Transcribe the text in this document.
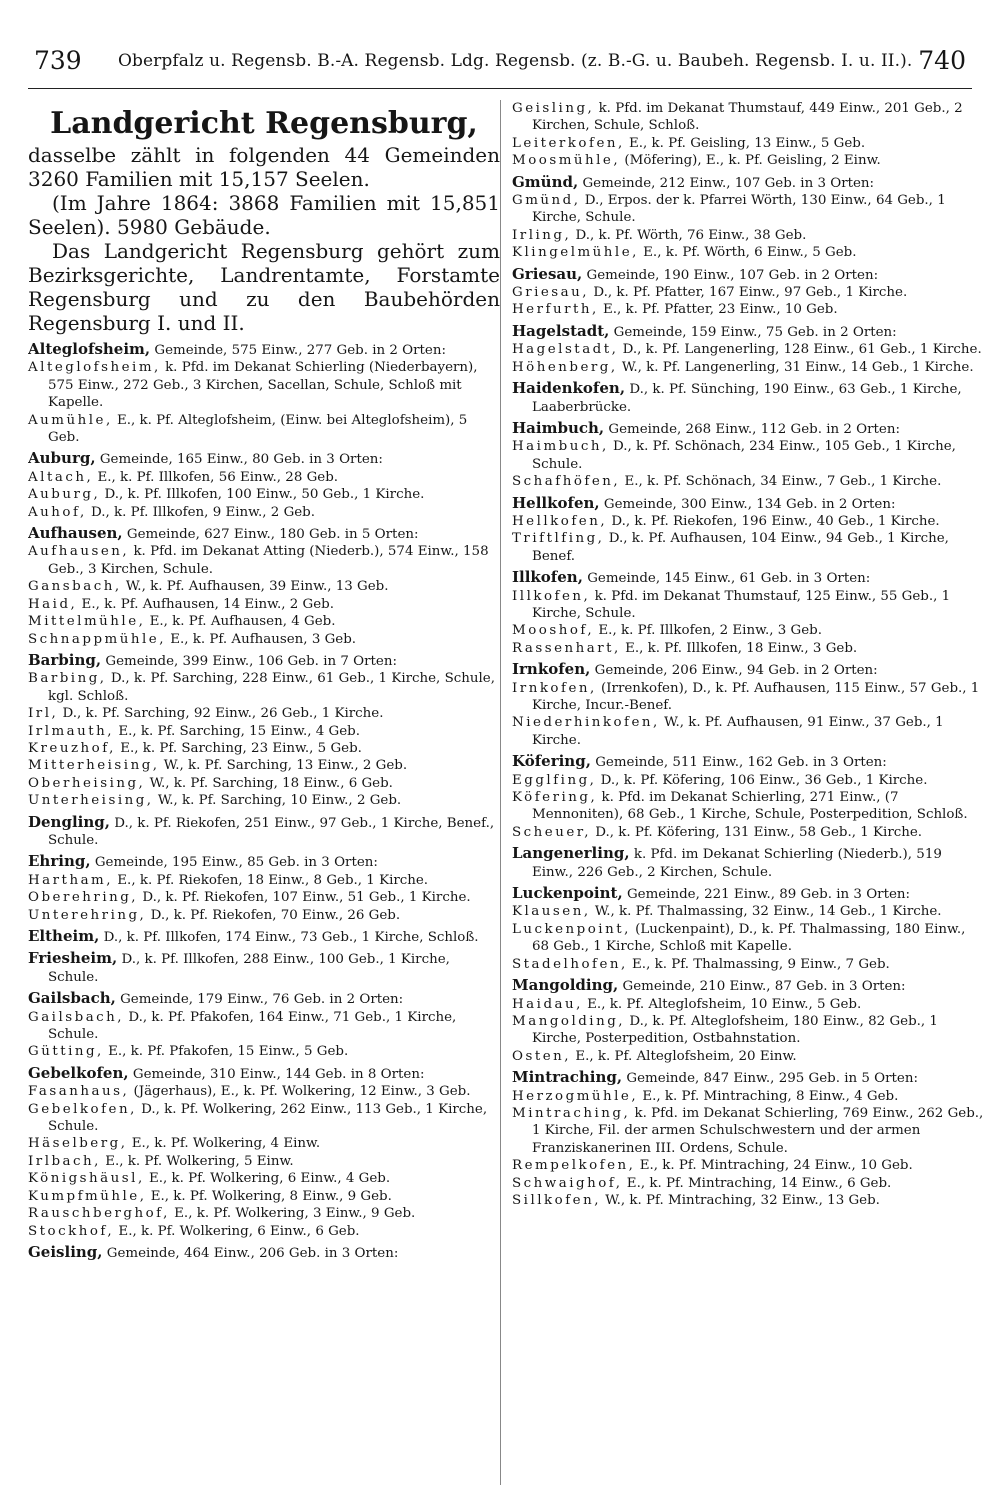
739 Oberpfalz u. Regensb. B.-A. Regensb. Ldg. Regensb. (z. B.-G. u. Baubeh. Regensb. I. u. II.). 740
Landgericht Regensburg,

dasselbe zählt in folgenden 44 Gemeinden 3260 Familien mit 15,157 Seelen.

(Im Jahre 1864: 3868 Familien mit 15,851 Seelen). 5980 Gebäude.

Das Landgericht Regensburg gehört zum Bezirksgerichte, Landrentamte, Forstamte Regensburg und zu den Baubehörden Regensburg I. und II.

Alteglofsheim, Gemeinde, 575 Einw., 277 Geb. in 2 Orten:
Alteglofsheim, k. Pfd. im Dekanat Schierling (Niederbayern), 575 Einw., 272 Geb., 3 Kirchen, Sacellan, Schule, Schloß mit Kapelle.
Aumühle, E., k. Pf. Alteglofsheim, (Einw. bei Alteglofsheim), 5 Geb.
Auburg, Gemeinde, 165 Einw., 80 Geb. in 3 Orten:
Altach, E., k. Pf. Illkofen, 56 Einw., 28 Geb.
Auburg, D., k. Pf. Illkofen, 100 Einw., 50 Geb., 1 Kirche.
Auhof, D., k. Pf. Illkofen, 9 Einw., 2 Geb.
Aufhausen, Gemeinde, 627 Einw., 180 Geb. in 5 Orten:
Aufhausen, k. Pfd. im Dekanat Atting (Niederb.), 574 Einw., 158 Geb., 3 Kirchen, Schule.
Gansbach, W., k. Pf. Aufhausen, 39 Einw., 13 Geb.
Haid, E., k. Pf. Aufhausen, 14 Einw., 2 Geb.
Mittelmühle, E., k. Pf. Aufhausen, 4 Geb.
Schnappmühle, E., k. Pf. Aufhausen, 3 Geb.
Barbing, Gemeinde, 399 Einw., 106 Geb. in 7 Orten:
Barbing, D., k. Pf. Sarching, 228 Einw., 61 Geb., 1 Kirche, Schule, kgl. Schloß.
Irl, D., k. Pf. Sarching, 92 Einw., 26 Geb., 1 Kirche.
Irlmauth, E., k. Pf. Sarching, 15 Einw., 4 Geb.
Kreuzhof, E., k. Pf. Sarching, 23 Einw., 5 Geb.
Mitterheising, W., k. Pf. Sarching, 13 Einw., 2 Geb.
Oberheising, W., k. Pf. Sarching, 18 Einw., 6 Geb.
Unterheising, W., k. Pf. Sarching, 10 Einw., 2 Geb.
Dengling, D., k. Pf. Riekofen, 251 Einw., 97 Geb., 1 Kirche, Benef., Schule.
Ehring, Gemeinde, 195 Einw., 85 Geb. in 3 Orten:
Hartham, E., k. Pf. Riekofen, 18 Einw., 8 Geb., 1 Kirche.
Oberehring, D., k. Pf. Riekofen, 107 Einw., 51 Geb., 1 Kirche.
Unterehring, D., k. Pf. Riekofen, 70 Einw., 26 Geb.
Eltheim, D., k. Pf. Illkofen, 174 Einw., 73 Geb., 1 Kirche, Schloß.
Friesheim, D., k. Pf. Illkofen, 288 Einw., 100 Geb., 1 Kirche, Schule.
Gailsbach, Gemeinde, 179 Einw., 76 Geb. in 2 Orten:
Gailsbach, D., k. Pf. Pfakofen, 164 Einw., 71 Geb., 1 Kirche, Schule.
Gütting, E., k. Pf. Pfakofen, 15 Einw., 5 Geb.
Gebelkofen, Gemeinde, 310 Einw., 144 Geb. in 8 Orten:
Fasanhaus, (Jägerhaus), E., k. Pf. Wolkering, 12 Einw., 3 Geb.
Gebelkofen, D., k. Pf. Wolkering, 262 Einw., 113 Geb., 1 Kirche, Schule.
Häselberg, E., k. Pf. Wolkering, 4 Einw.
Irlbach, E., k. Pf. Wolkering, 5 Einw.
Königshäusl, E., k. Pf. Wolkering, 6 Einw., 4 Geb.
Kumpfmühle, E., k. Pf. Wolkering, 8 Einw., 9 Geb.
Rauschberghof, E., k. Pf. Wolkering, 3 Einw., 9 Geb.
Stockhof, E., k. Pf. Wolkering, 6 Einw., 6 Geb.
Geisling, Gemeinde, 464 Einw., 206 Geb. in 3 Orten:
Geisling, k. Pfd. im Dekanat Thumstauf, 449 Einw., 201 Geb., 2 Kirchen, Schule, Schloß.
Leiterkofen, E., k. Pf. Geisling, 13 Einw., 5 Geb.
Moosmühle, (Möfering), E., k. Pf. Geisling, 2 Einw.
Gmünd, Gemeinde, 212 Einw., 107 Geb. in 3 Orten:
Gmünd, D., Erpos. der k. Pfarrei Wörth, 130 Einw., 64 Geb., 1 Kirche, Schule.
Irling, D., k. Pf. Wörth, 76 Einw., 38 Geb.
Klingelmühle, E., k. Pf. Wörth, 6 Einw., 5 Geb.
Griesau, Gemeinde, 190 Einw., 107 Geb. in 2 Orten:
Griesau, D., k. Pf. Pfatter, 167 Einw., 97 Geb., 1 Kirche.
Herfurth, E., k. Pf. Pfatter, 23 Einw., 10 Geb.
Hagelstadt, Gemeinde, 159 Einw., 75 Geb. in 2 Orten:
Hagelstadt, D., k. Pf. Langenerling, 128 Einw., 61 Geb., 1 Kirche.
Höhenberg, W., k. Pf. Langenerling, 31 Einw., 14 Geb., 1 Kirche.
Haidenkofen, D., k. Pf. Sünching, 190 Einw., 63 Geb., 1 Kirche, Laaberbrücke.
Haimbuch, Gemeinde, 268 Einw., 112 Geb. in 2 Orten:
Haimbuch, D., k. Pf. Schönach, 234 Einw., 105 Geb., 1 Kirche, Schule.
Schafhöfen, E., k. Pf. Schönach, 34 Einw., 7 Geb., 1 Kirche.
Hellkofen, Gemeinde, 300 Einw., 134 Geb. in 2 Orten:
Hellkofen, D., k. Pf. Riekofen, 196 Einw., 40 Geb., 1 Kirche.
Triftlfing, D., k. Pf. Aufhausen, 104 Einw., 94 Geb., 1 Kirche, Benef.
Illkofen, Gemeinde, 145 Einw., 61 Geb. in 3 Orten:
Illkofen, k. Pfd. im Dekanat Thumstauf, 125 Einw., 55 Geb., 1 Kirche, Schule.
Mooshof, E., k. Pf. Illkofen, 2 Einw., 3 Geb.
Rassenhart, E., k. Pf. Illkofen, 18 Einw., 3 Geb.
Irnkofen, Gemeinde, 206 Einw., 94 Geb. in 2 Orten:
Irnkofen, (Irrenkofen), D., k. Pf. Aufhausen, 115 Einw., 57 Geb., 1 Kirche, Incur.-Benef.
Niederhinkofen, W., k. Pf. Aufhausen, 91 Einw., 37 Geb., 1 Kirche.
Köfering, Gemeinde, 511 Einw., 162 Geb. in 3 Orten:
Egglfing, D., k. Pf. Köfering, 106 Einw., 36 Geb., 1 Kirche.
Köfering, k. Pfd. im Dekanat Schierling, 271 Einw., (7 Mennoniten), 68 Geb., 1 Kirche, Schule, Posterpedition, Schloß.
Scheuer, D., k. Pf. Köfering, 131 Einw., 58 Geb., 1 Kirche.
Langenerling, k. Pfd. im Dekanat Schierling (Niederb.), 519 Einw., 226 Geb., 2 Kirchen, Schule.
Luckenpoint, Gemeinde, 221 Einw., 89 Geb. in 3 Orten:
Klausen, W., k. Pf. Thalmassing, 32 Einw., 14 Geb., 1 Kirche.
Luckenpoint, (Luckenpaint), D., k. Pf. Thalmassing, 180 Einw., 68 Geb., 1 Kirche, Schloß mit Kapelle.
Stadelhofen, E., k. Pf. Thalmassing, 9 Einw., 7 Geb.
Mangolding, Gemeinde, 210 Einw., 87 Geb. in 3 Orten:
Haidau, E., k. Pf. Alteglofsheim, 10 Einw., 5 Geb.
Mangolding, D., k. Pf. Alteglofsheim, 180 Einw., 82 Geb., 1 Kirche, Posterpedition, Ostbahnstation.
Osten, E., k. Pf. Alteglofsheim, 20 Einw.
Mintraching, Gemeinde, 847 Einw., 295 Geb. in 5 Orten:
Herzogmühle, E., k. Pf. Mintraching, 8 Einw., 4 Geb.
Mintraching, k. Pfd. im Dekanat Schierling, 769 Einw., 262 Geb., 1 Kirche, Fil. der armen Schulschwestern und der armen Franziskanerinen III. Ordens, Schule.
Rempelkofen, E., k. Pf. Mintraching, 24 Einw., 10 Geb.
Schwaighof, E., k. Pf. Mintraching, 14 Einw., 6 Geb.
Sillkofen, W., k. Pf. Mintraching, 32 Einw., 13 Geb.
